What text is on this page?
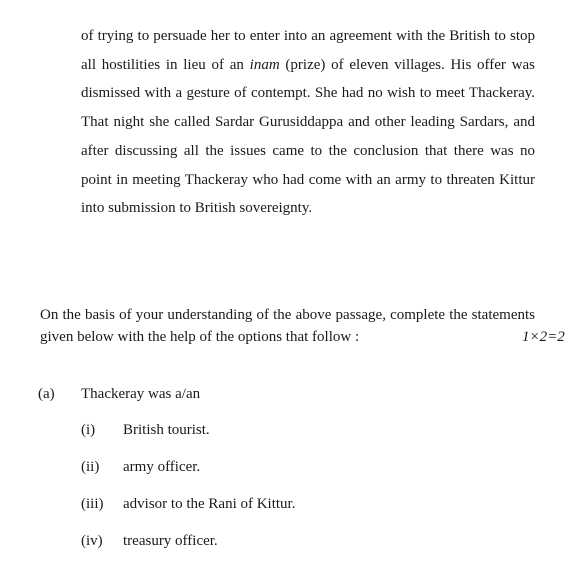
of trying to persuade her to enter into an agreement with the British to stop all hostilities in lieu of an inam (prize) of eleven villages. His offer was dismissed with a gesture of contempt. She had no wish to meet Thackeray. That night she called Sardar Gurusiddappa and other leading Sardars, and after discussing all the issues came to the conclusion that there was no point in meeting Thackeray who had come with an army to threaten Kittur into submission to British sovereignty.

On the basis of your understanding of the above passage, complete the statements given below with the help of the options that follow :	1×2=2
(a) Thackeray was a/an
(i) British tourist.
(ii) army officer.
(iii) advisor to the Rani of Kittur.
(iv) treasury officer.
